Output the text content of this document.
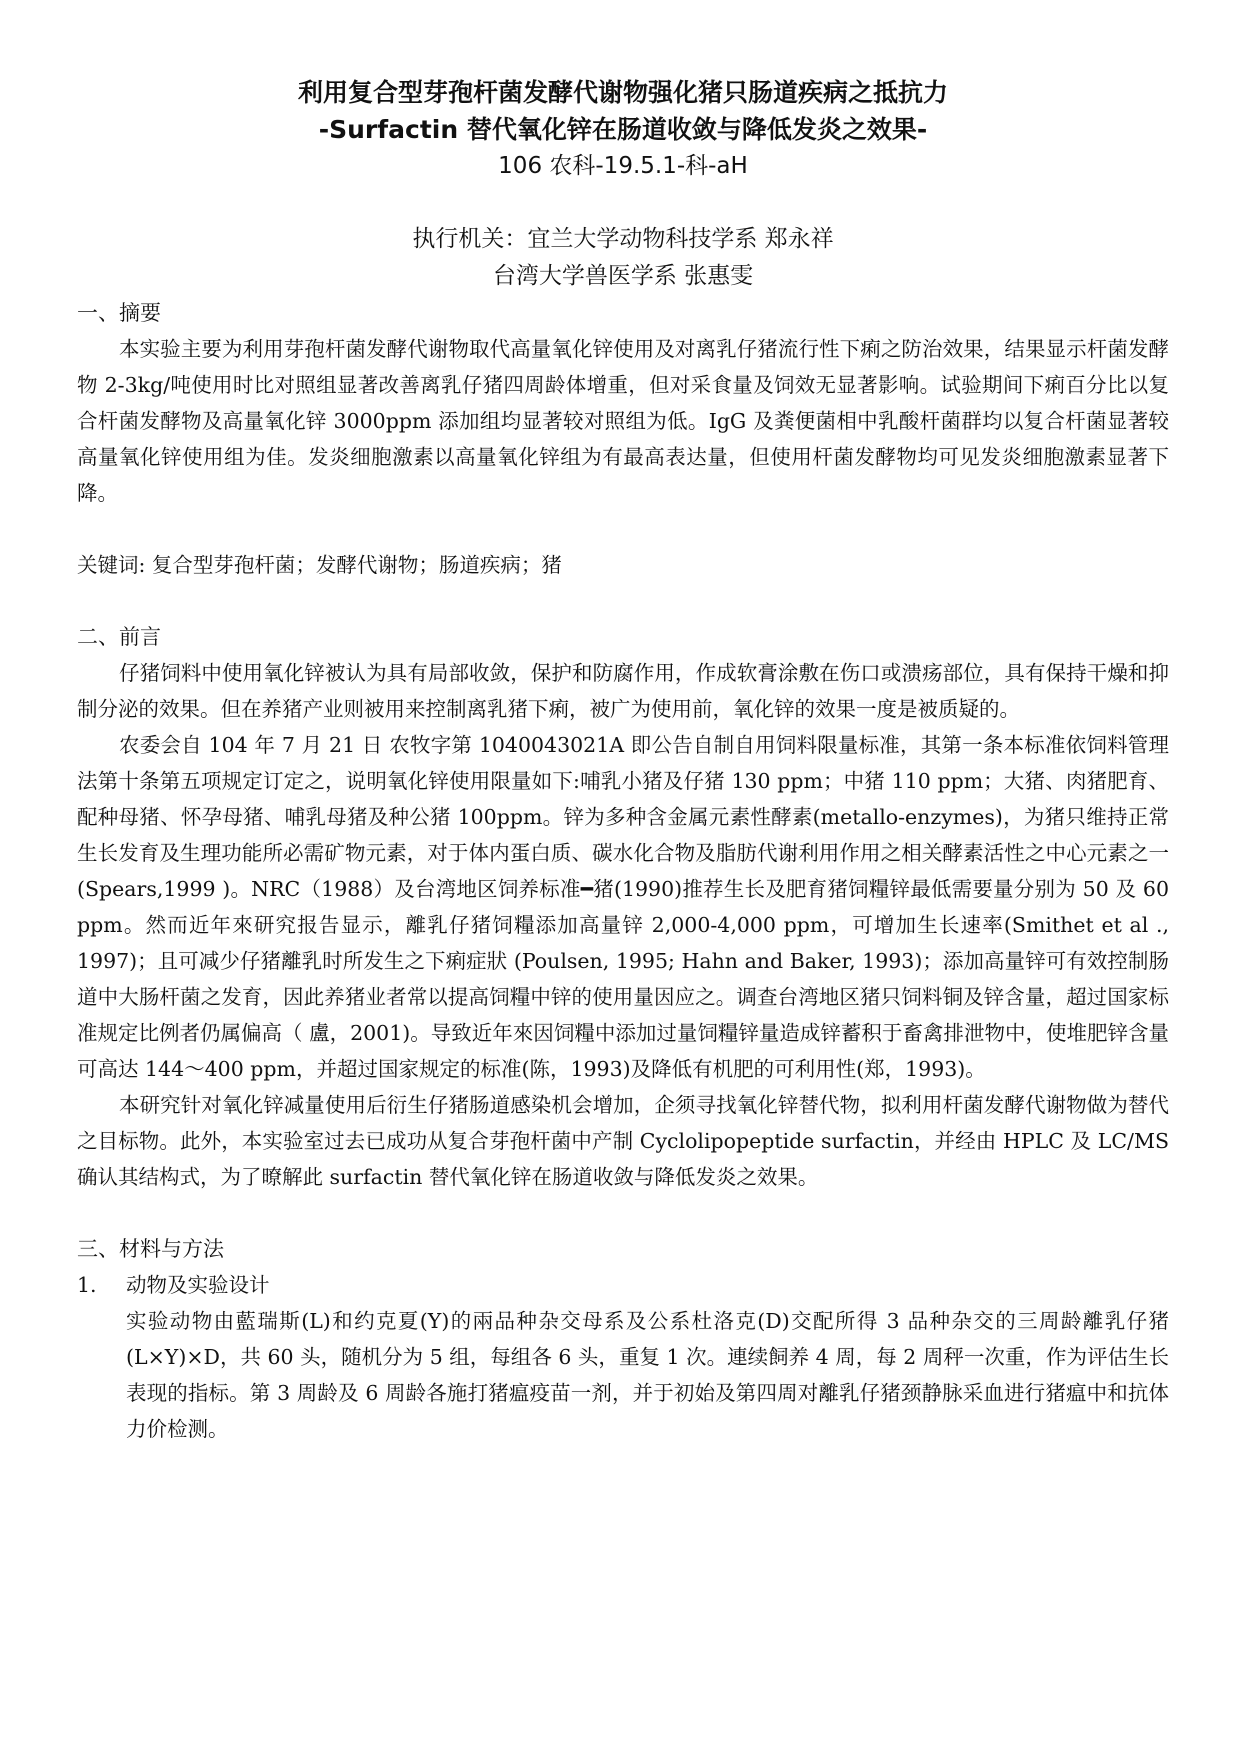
利用复合型芽孢杆菌发酵代谢物强化猪只肠道疾病之抵抗力

-Surfactin 替代氧化锌在肠道收敛与降低发炎之效果-

106 农科-19.5.1-科-aH

执行机关：宜兰大学动物科技学系 郑永祥
台湾大学兽医学系 张惠雯

一、摘要

本实验主要为利用芽孢杆菌发酵代谢物取代高量氧化锌使用及对离乳仔猪流行性下痢之防治效果，结果显示杆菌发酵物 2-3kg/吨使用时比对照组显著改善离乳仔猪四周龄体增重，但对采食量及饲效无显著影响。试验期间下痢百分比以复合杆菌发酵物及高量氧化锌 3000ppm 添加组均显著较对照组为低。IgG 及粪便菌相中乳酸杆菌群均以复合杆菌显著较高量氧化锌使用组为佳。发炎细胞激素以高量氧化锌组为有最高表达量，但使用杆菌发酵物均可见发炎细胞激素显著下降。

关键词: 复合型芽孢杆菌；发酵代谢物；肠道疾病；猪

二、前言

仔猪饲料中使用氧化锌被认为具有局部收敛，保护和防腐作用，作成软膏涂敷在伤口或溃疡部位，具有保持干燥和抑制分泌的效果。但在养猪产业则被用来控制离乳猪下痢，被广为使用前，氧化锌的效果一度是被质疑的。

农委会自 104 年 7 月 21 日 农牧字第 1040043021A 即公告自制自用饲料限量标准，其第一条本标准依饲料管理法第十条第五项规定订定之，说明氧化锌使用限量如下:哺乳小猪及仔猪 130 ppm；中猪 110 ppm；大猪、肉猪肥育、配种母猪、怀孕母猪、哺乳母猪及种公猪 100ppm。锌为多种含金属元素性酵素(metallo-enzymes)，为猪只维持正常生长发育及生理功能所必需矿物元素，对于体内蛋白质、碳水化合物及脂肪代谢利用作用之相关酵素活性之中心元素之一(Spears,1999 )。NRC（1988）及台湾地区饲养标准━猪(1990)推荐生长及肥育猪饲糧锌最低需要量分别为 50 及 60 ppm。然而近年來研究报告显示，離乳仔猪饲糧添加高量锌 2,000-4,000 ppm，可增加生长速率(Smithet et al ., 1997)；且可减少仔猪離乳时所发生之下痢症狀 (Poulsen, 1995; Hahn and Baker, 1993)；添加高量锌可有效控制肠道中大肠杆菌之发育，因此养猪业者常以提高饲糧中锌的使用量因应之。调查台湾地区猪只饲料铜及锌含量，超过国家标准规定比例者仍属偏高（ 盧，2001)。导致近年來因饲糧中添加过量饲糧锌量造成锌蓄积于畜禽排泄物中，使堆肥锌含量可高达 144～400 ppm，并超过国家规定的标准(陈，1993)及降低有机肥的可利用性(郑，1993)。

本研究针对氧化锌减量使用后衍生仔猪肠道感染机会增加，企须寻找氧化锌替代物，拟利用杆菌发酵代谢物做为替代之目标物。此外，本实验室过去已成功从复合芽孢杆菌中产制 Cyclolipopeptide surfactin，并经由 HPLC 及 LC/MS 确认其结构式，为了暸解此 surfactin 替代氧化锌在肠道收敛与降低发炎之效果。

三、材料与方法

1.	动物及实验设计

实验动物由藍瑞斯(L)和约克夏(Y)的兩品种杂交母系及公系杜洛克(D)交配所得 3 品种杂交的三周龄離乳仔猪 (L×Y)×D，共 60 头，随机分为 5 组，每组各 6 头，重复 1 次。連续飼养 4 周，每 2 周秤一次重，作为评估生长表现的指标。第 3 周龄及 6 周龄各施打猪瘟疫苗一剂，并于初始及第四周对離乳仔猪颈静脉采血进行猪瘟中和抗体力价检测。
